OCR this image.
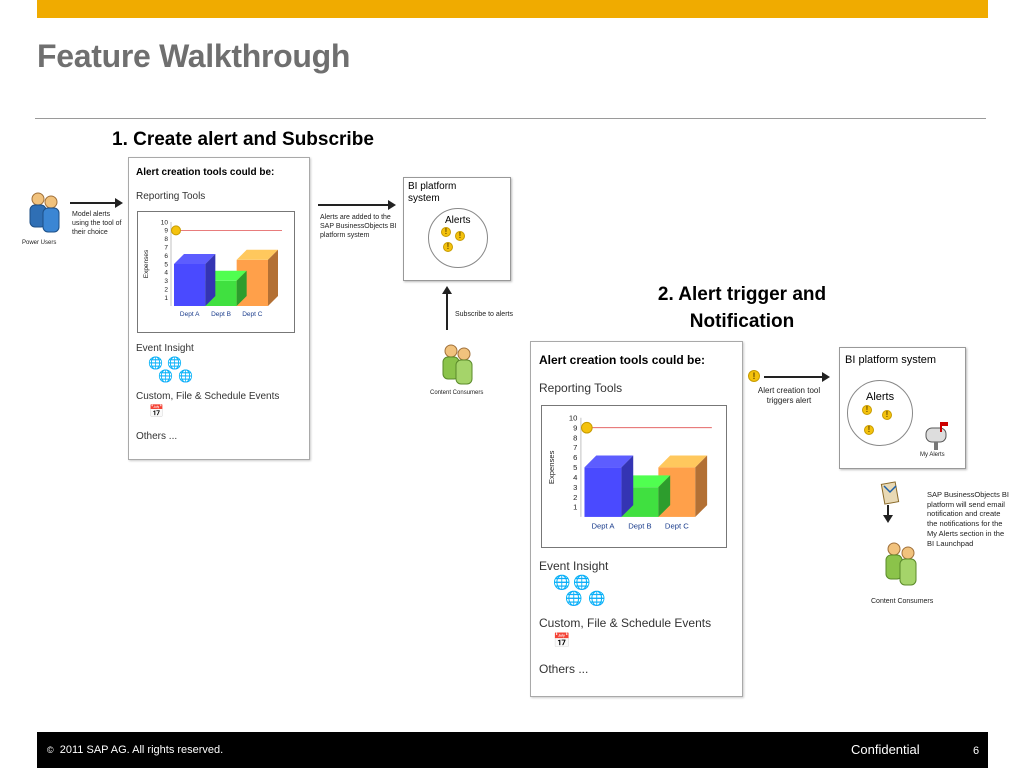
Feature Walkthrough
1. Create alert and Subscribe
Power Users
Model alerts using the tool of their choice
Alert creation tools could be:
Reporting Tools
Expenses
1
2
3
4
5
6
7
8
9
10
Dept C
Dept B
Dept A
Event Insight
🌐 🌐
🌐 🌐
Custom, File & Schedule Events
📅
Others ...
Alerts are added to the SAP BusinessObjects BI platform system
BI platform system
Alerts
!	!
!
Subscribe to alerts
Content Consumers
2. Alert trigger and Notification
Alert creation tools could be:
Reporting Tools
Expenses
1
2
3
4
5
6
7
8
9
10
Dept C
Dept B
Dept A
Event Insight
🌐 🌐
🌐 🌐
Custom, File & Schedule Events
📅
Others ...
!
Alert creation tool triggers alert
BI platform system
Alerts
!
!
!
My Alerts
SAP BusinessObjects BI platform will send email notification and create the notifications for the My Alerts section in the BI Launchpad
Content Consumers
© 2011 SAP AG. All rights reserved.	Confidential	6
